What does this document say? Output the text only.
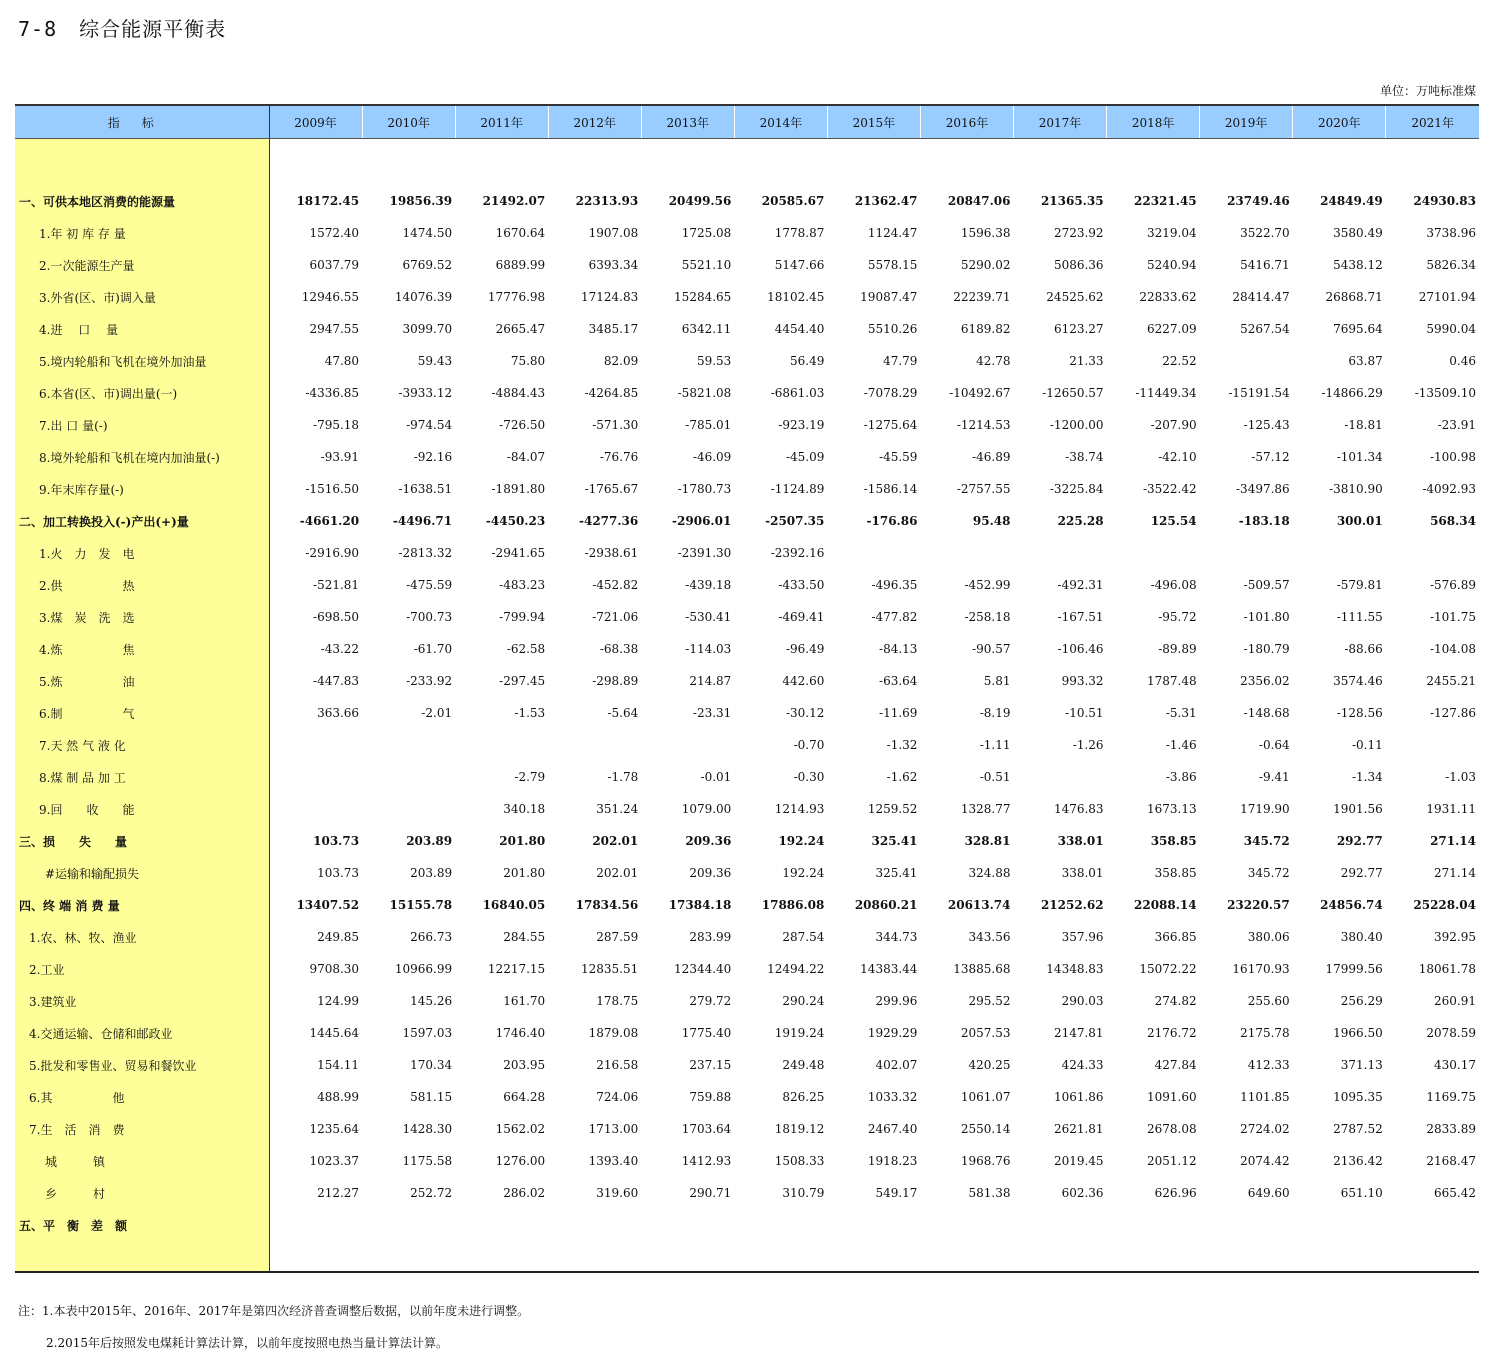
7-8 综合能源平衡表
单位：万吨标准煤
指标	2009年	2010年	2011年	2012年	2013年	2014年	2015年	2016年	2017年	2018年	2019年	2020年	2021年

一、可供本地区消费的能源量	18172.45	19856.39	21492.07	22313.93	20499.56	20585.67	21362.47	20847.06	21365.35	22321.45	23749.46	24849.49	24930.83
1.年 初 库 存 量	1572.40	1474.50	1670.64	1907.08	1725.08	1778.87	1124.47	1596.38	2723.92	3219.04	3522.70	3580.49	3738.96
2.一次能源生产量	6037.79	6769.52	6889.99	6393.34	5521.10	5147.66	5578.15	5290.02	5086.36	5240.94	5416.71	5438.12	5826.34
3.外省(区、市)调入量	12946.55	14076.39	17776.98	17124.83	15284.65	18102.45	19087.47	22239.71	24525.62	22833.62	28414.47	26868.71	27101.94
4.进　 口　 量	2947.55	3099.70	2665.47	3485.17	6342.11	4454.40	5510.26	6189.82	6123.27	6227.09	5267.54	7695.64	5990.04
5.境内轮船和飞机在境外加油量	47.80	59.43	75.80	82.09	59.53	56.49	47.79	42.78	21.33	22.52		63.87	0.46
6.本省(区、市)调出量(一)	-4336.85	-3933.12	-4884.43	-4264.85	-5821.08	-6861.03	-7078.29	-10492.67	-12650.57	-11449.34	-15191.54	-14866.29	-13509.10
7.出 口 量(-)	-795.18	-974.54	-726.50	-571.30	-785.01	-923.19	-1275.64	-1214.53	-1200.00	-207.90	-125.43	-18.81	-23.91
8.境外轮船和飞机在境内加油量(-)	-93.91	-92.16	-84.07	-76.76	-46.09	-45.09	-45.59	-46.89	-38.74	-42.10	-57.12	-101.34	-100.98
9.年末库存量(-)	-1516.50	-1638.51	-1891.80	-1765.67	-1780.73	-1124.89	-1586.14	-2757.55	-3225.84	-3522.42	-3497.86	-3810.90	-4092.93
二、加工转换投入(-)产出(+)量	-4661.20	-4496.71	-4450.23	-4277.36	-2906.01	-2507.35	-176.86	95.48	225.28	125.54	-183.18	300.01	568.34
1.火　力　发　电	-2916.90	-2813.32	-2941.65	-2938.61	-2391.30	-2392.16							
2.供　　　　　热	-521.81	-475.59	-483.23	-452.82	-439.18	-433.50	-496.35	-452.99	-492.31	-496.08	-509.57	-579.81	-576.89
3.煤　炭　洗　选	-698.50	-700.73	-799.94	-721.06	-530.41	-469.41	-477.82	-258.18	-167.51	-95.72	-101.80	-111.55	-101.75
4.炼　　　　　焦	-43.22	-61.70	-62.58	-68.38	-114.03	-96.49	-84.13	-90.57	-106.46	-89.89	-180.79	-88.66	-104.08
5.炼　　　　　油	-447.83	-233.92	-297.45	-298.89	214.87	442.60	-63.64	5.81	993.32	1787.48	2356.02	3574.46	2455.21
6.制　　　　　气	363.66	-2.01	-1.53	-5.64	-23.31	-30.12	-11.69	-8.19	-10.51	-5.31	-148.68	-128.56	-127.86
7.天 然 气 液 化						-0.70	-1.32	-1.11	-1.26	-1.46	-0.64	-0.11	
8.煤 制 品 加 工			-2.79	-1.78	-0.01	-0.30	-1.62	-0.51		-3.86	-9.41	-1.34	-1.03
9.回　　收　　能			340.18	351.24	1079.00	1214.93	1259.52	1328.77	1476.83	1673.13	1719.90	1901.56	1931.11
三、损　　失　　量	103.73	203.89	201.80	202.01	209.36	192.24	325.41	328.81	338.01	358.85	345.72	292.77	271.14
#运输和输配损失	103.73	203.89	201.80	202.01	209.36	192.24	325.41	324.88	338.01	358.85	345.72	292.77	271.14
四、终 端 消 费 量	13407.52	15155.78	16840.05	17834.56	17384.18	17886.08	20860.21	20613.74	21252.62	22088.14	23220.57	24856.74	25228.04
1.农、林、牧、渔业	249.85	266.73	284.55	287.59	283.99	287.54	344.73	343.56	357.96	366.85	380.06	380.40	392.95
2.工业	9708.30	10966.99	12217.15	12835.51	12344.40	12494.22	14383.44	13885.68	14348.83	15072.22	16170.93	17999.56	18061.78
3.建筑业	124.99	145.26	161.70	178.75	279.72	290.24	299.96	295.52	290.03	274.82	255.60	256.29	260.91
4.交通运输、仓储和邮政业	1445.64	1597.03	1746.40	1879.08	1775.40	1919.24	1929.29	2057.53	2147.81	2176.72	2175.78	1966.50	2078.59
5.批发和零售业、贸易和餐饮业	154.11	170.34	203.95	216.58	237.15	249.48	402.07	420.25	424.33	427.84	412.33	371.13	430.17
6.其　　　　　他	488.99	581.15	664.28	724.06	759.88	826.25	1033.32	1061.07	1061.86	1091.60	1101.85	1095.35	1169.75
7.生　活　消　费	1235.64	1428.30	1562.02	1713.00	1703.64	1819.12	2467.40	2550.14	2621.81	2678.08	2724.02	2787.52	2833.89
城　　　镇	1023.37	1175.58	1276.00	1393.40	1412.93	1508.33	1918.23	1968.76	2019.45	2051.12	2074.42	2136.42	2168.47
乡　　　村	212.27	252.72	286.02	319.60	290.71	310.79	549.17	581.38	602.36	626.96	649.60	651.10	665.42
五、平　衡　差　额													

注：1.本表中2015年、2016年、2017年是第四次经济普查调整后数据，以前年度未进行调整。
2.2015年后按照发电煤耗计算法计算，以前年度按照电热当量计算法计算。
